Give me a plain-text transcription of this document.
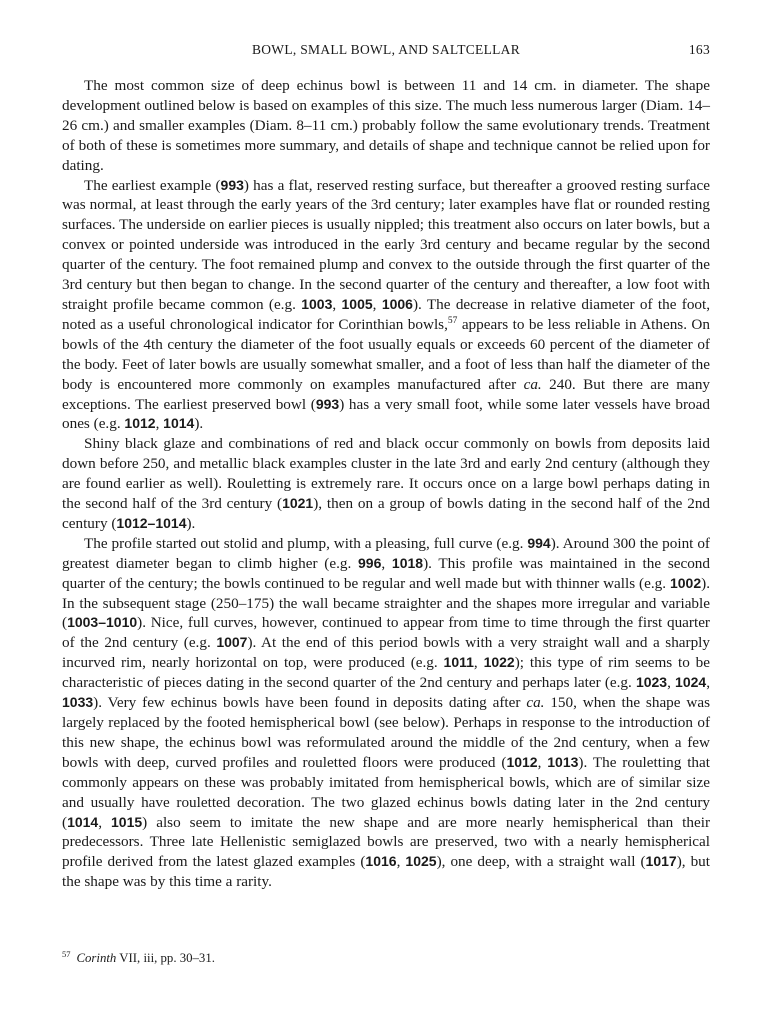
BOWL, SMALL BOWL, AND SALTCELLAR	163

The most common size of deep echinus bowl is between 11 and 14 cm. in diameter. The shape development outlined below is based on examples of this size. The much less numerous larger (Diam. 14–26 cm.) and smaller examples (Diam. 8–11 cm.) probably follow the same evolutionary trends. Treatment of both of these is sometimes more summary, and details of shape and technique cannot be relied upon for dating.

The earliest example (993) has a flat, reserved resting surface, but thereafter a grooved resting surface was normal, at least through the early years of the 3rd century; later examples have flat or rounded resting surfaces. The underside on earlier pieces is usually nippled; this treatment also occurs on later bowls, but a convex or pointed underside was introduced in the early 3rd century and became regular by the second quarter of the century. The foot remained plump and convex to the outside through the first quarter of the 3rd century but then began to change. In the second quarter of the century and thereafter, a low foot with straight profile became common (e.g. 1003, 1005, 1006). The decrease in relative diameter of the foot, noted as a useful chronological indicator for Corinthian bowls,$^{57}$ appears to be less reliable in Athens. On bowls of the 4th century the diameter of the foot usually equals or exceeds 60 percent of the diameter of the body. Feet of later bowls are usually somewhat smaller, and a foot of less than half the diameter of the body is encountered more commonly on examples manufactured after ca. 240. But there are many exceptions. The earliest preserved bowl (993) has a very small foot, while some later vessels have broad ones (e.g. 1012, 1014).

Shiny black glaze and combinations of red and black occur commonly on bowls from deposits laid down before 250, and metallic black examples cluster in the late 3rd and early 2nd century (although they are found earlier as well). Rouletting is extremely rare. It occurs once on a large bowl perhaps dating in the second half of the 3rd century (1021), then on a group of bowls dating in the second half of the 2nd century (1012–1014).

The profile started out stolid and plump, with a pleasing, full curve (e.g. 994). Around 300 the point of greatest diameter began to climb higher (e.g. 996, 1018). This profile was maintained in the second quarter of the century; the bowls continued to be regular and well made but with thinner walls (e.g. 1002). In the subsequent stage (250–175) the wall became straighter and the shapes more irregular and variable (1003–1010). Nice, full curves, however, continued to appear from time to time through the first quarter of the 2nd century (e.g. 1007). At the end of this period bowls with a very straight wall and a sharply incurved rim, nearly horizontal on top, were produced (e.g. 1011, 1022); this type of rim seems to be characteristic of pieces dating in the second quarter of the 2nd century and perhaps later (e.g. 1023, 1024, 1033). Very few echinus bowls have been found in deposits dating after ca. 150, when the shape was largely replaced by the footed hemispherical bowl (see below). Perhaps in response to the introduction of this new shape, the echinus bowl was reformulated around the middle of the 2nd century, when a few bowls with deep, curved profiles and rouletted floors were produced (1012, 1013). The rouletting that commonly appears on these was probably imitated from hemispherical bowls, which are of similar size and usually have rouletted decoration. The two glazed echinus bowls dating later in the 2nd century (1014, 1015) also seem to imitate the new shape and are more nearly hemispherical than their predecessors. Three late Hellenistic semiglazed bowls are preserved, two with a nearly hemispherical profile derived from the latest glazed examples (1016, 1025), one deep, with a straight wall (1017), but the shape was by this time a rarity.

$^{57}$ Corinth VII, iii, pp. 30–31.
